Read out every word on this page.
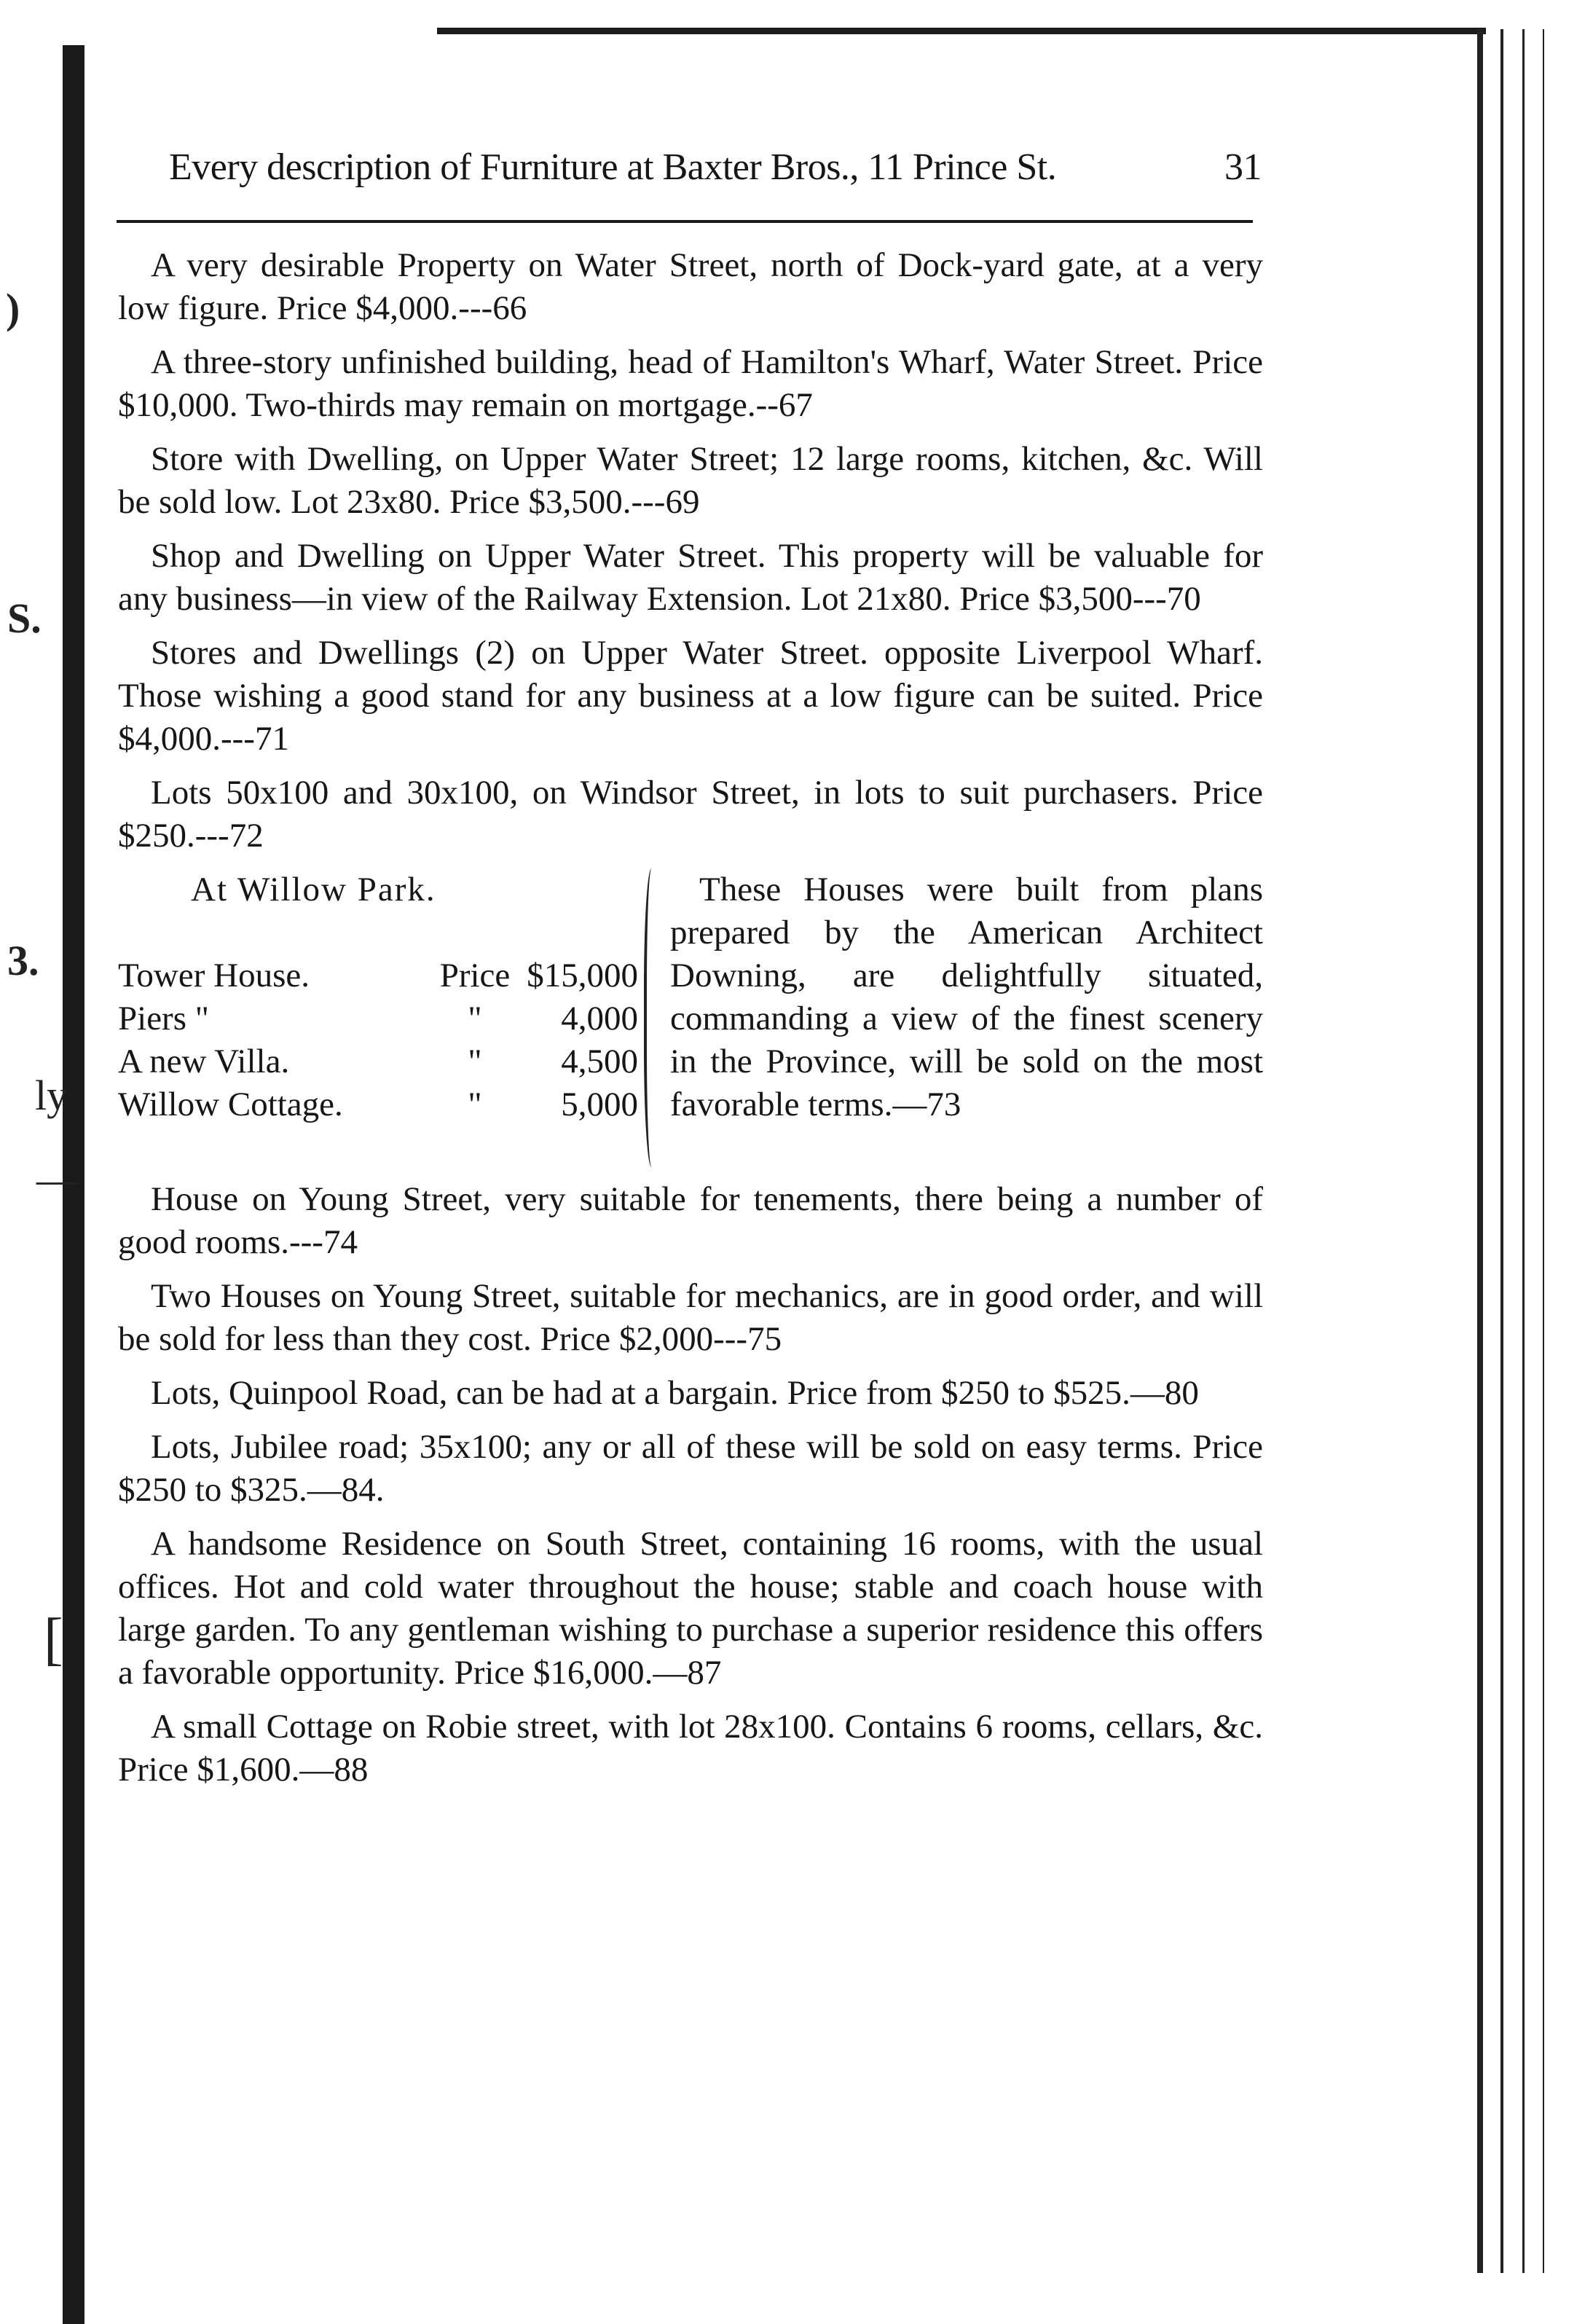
)
S.
3.
ly
—
[
Every description of Furniture at Baxter Bros., 11 Prince St.	31

A very desirable Property on Water Street, north of Dock-yard gate, at a very low figure. Price $4,000.---66

A three-story unfinished building, head of Hamilton's Wharf, Water Street. Price $10,000. Two-thirds may remain on mortgage.--67

Store with Dwelling, on Upper Water Street; 12 large rooms, kitchen, &c. Will be sold low. Lot 23x80. Price $3,500.---69

Shop and Dwelling on Upper Water Street. This property will be valuable for any business—in view of the Railway Extension. Lot 21x80. Price $3,500---70

Stores and Dwellings (2) on Upper Water Street. opposite Liverpool Wharf. Those wishing a good stand for any business at a low figure can be suited. Price $4,000.---71

Lots 50x100 and 30x100, on Windsor Street, in lots to suit purchasers. Price $250.---72

At Willow Park.
Tower House.	Price $15,000
Piers "	"	4,000
A new Villa.	"	4,500
Willow Cottage.	"	5,000
These Houses were built from plans prepared by the American Architect Downing, are delightfully situated, commanding a view of the finest scenery in the Province, will be sold on the most favorable terms.—73

House on Young Street, very suitable for tenements, there being a number of good rooms.---74

Two Houses on Young Street, suitable for mechanics, are in good order, and will be sold for less than they cost. Price $2,000---75

Lots, Quinpool Road, can be had at a bargain. Price from $250 to $525.—80

Lots, Jubilee road; 35x100; any or all of these will be sold on easy terms. Price $250 to $325.—84.

A handsome Residence on South Street, containing 16 rooms, with the usual offices. Hot and cold water throughout the house; stable and coach house with large garden. To any gentleman wishing to purchase a superior residence this offers a favorable opportunity. Price $16,000.—87

A small Cottage on Robie street, with lot 28x100. Contains 6 rooms, cellars, &c. Price $1,600.—88
